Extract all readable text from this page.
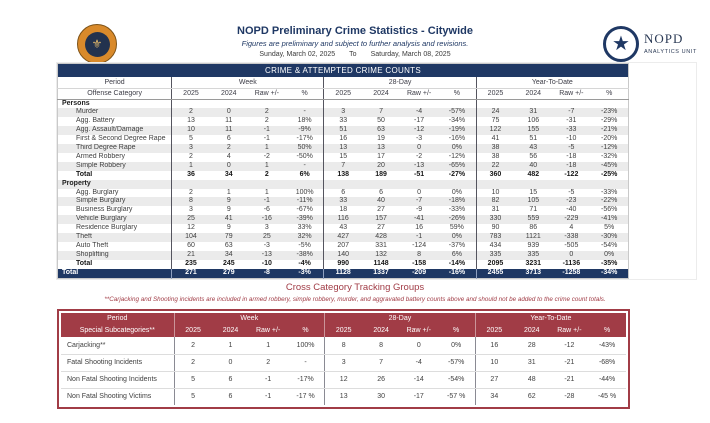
⚜
NOPD Preliminary Crime Statistics - Citywide
Figures are preliminary and subject to further analysis and revisions.
Sunday, March 02, 2025 To Saturday, March 08, 2025	★	NOPD
ANALYTICS UNIT
CRIME & ATTEMPTED CRIME COUNTS												
Period	Week				28-Day				Year-To-Date			
Offense Category	2025	2024	Raw +/-	%	2025	2024	Raw +/-	%	2025	2024	Raw +/-	%
Persons												
Murder	2	0	2	-	3	7	-4	-57%	24	31	-7	-23%
Agg. Battery	13	11	2	18%	33	50	-17	-34%	75	106	-31	-29%
Agg. Assault/Damage	10	11	-1	-9%	51	63	-12	-19%	122	155	-33	-21%
First & Second Degree Rape	5	6	-1	-17%	16	19	-3	-16%	41	51	-10	-20%
Third Degree Rape	3	2	1	50%	13	13	0	0%	38	43	-5	-12%
Armed Robbery	2	4	-2	-50%	15	17	-2	-12%	38	56	-18	-32%
Simple Robbery	1	0	1	-	7	20	-13	-65%	22	40	-18	-45%
Total	36	34	2	6%	138	189	-51	-27%	360	482	-122	-25%
Property												
Agg. Burglary	2	1	1	100%	6	6	0	0%	10	15	-5	-33%
Simple Burglary	8	9	-1	-11%	33	40	-7	-18%	82	105	-23	-22%
Business Burglary	3	9	-6	-67%	18	27	-9	-33%	31	71	-40	-56%
Vehicle Burglary	25	41	-16	-39%	116	157	-41	-26%	330	559	-229	-41%
Residence Burglary	12	9	3	33%	43	27	16	59%	90	86	4	5%
Theft	104	79	25	32%	427	428	-1	0%	783	1121	-338	-30%
Auto Theft	60	63	-3	-5%	207	331	-124	-37%	434	939	-505	-54%
Shoplifting	21	34	-13	-38%	140	132	8	6%	335	335	0	0%
Total	235	245	-10	-4%	990	1148	-158	-14%	2095	3231	-1136	-35%
Total	271	279	-8	-3%	1128	1337	-209	-16%	2455	3713	-1258	-34%
Cross Category Tracking Groups
**Carjacking and Shooting incidents are included in armed robbery, simple robbery, murder, and aggravated battery counts above and should not be added to the crime count totals.
Period	Week				28-Day				Year-To-Date			
Special Subcategories**	2025	2024	Raw +/-	%	2025	2024	Raw +/-	%	2025	2024	Raw +/-	%
Carjacking**	2	1	1	100%	8	8	0	0%	16	28	-12	-43%
Fatal Shooting Incidents	2	0	2	-	3	7	-4	-57%	10	31	-21	-68%
Non Fatal Shooting Incidents	5	6	-1	-17%	12	26	-14	-54%	27	48	-21	-44%
Non Fatal Shooting Victims	5	6	-1	-17 %	13	30	-17	-57 %	34	62	-28	-45 %
